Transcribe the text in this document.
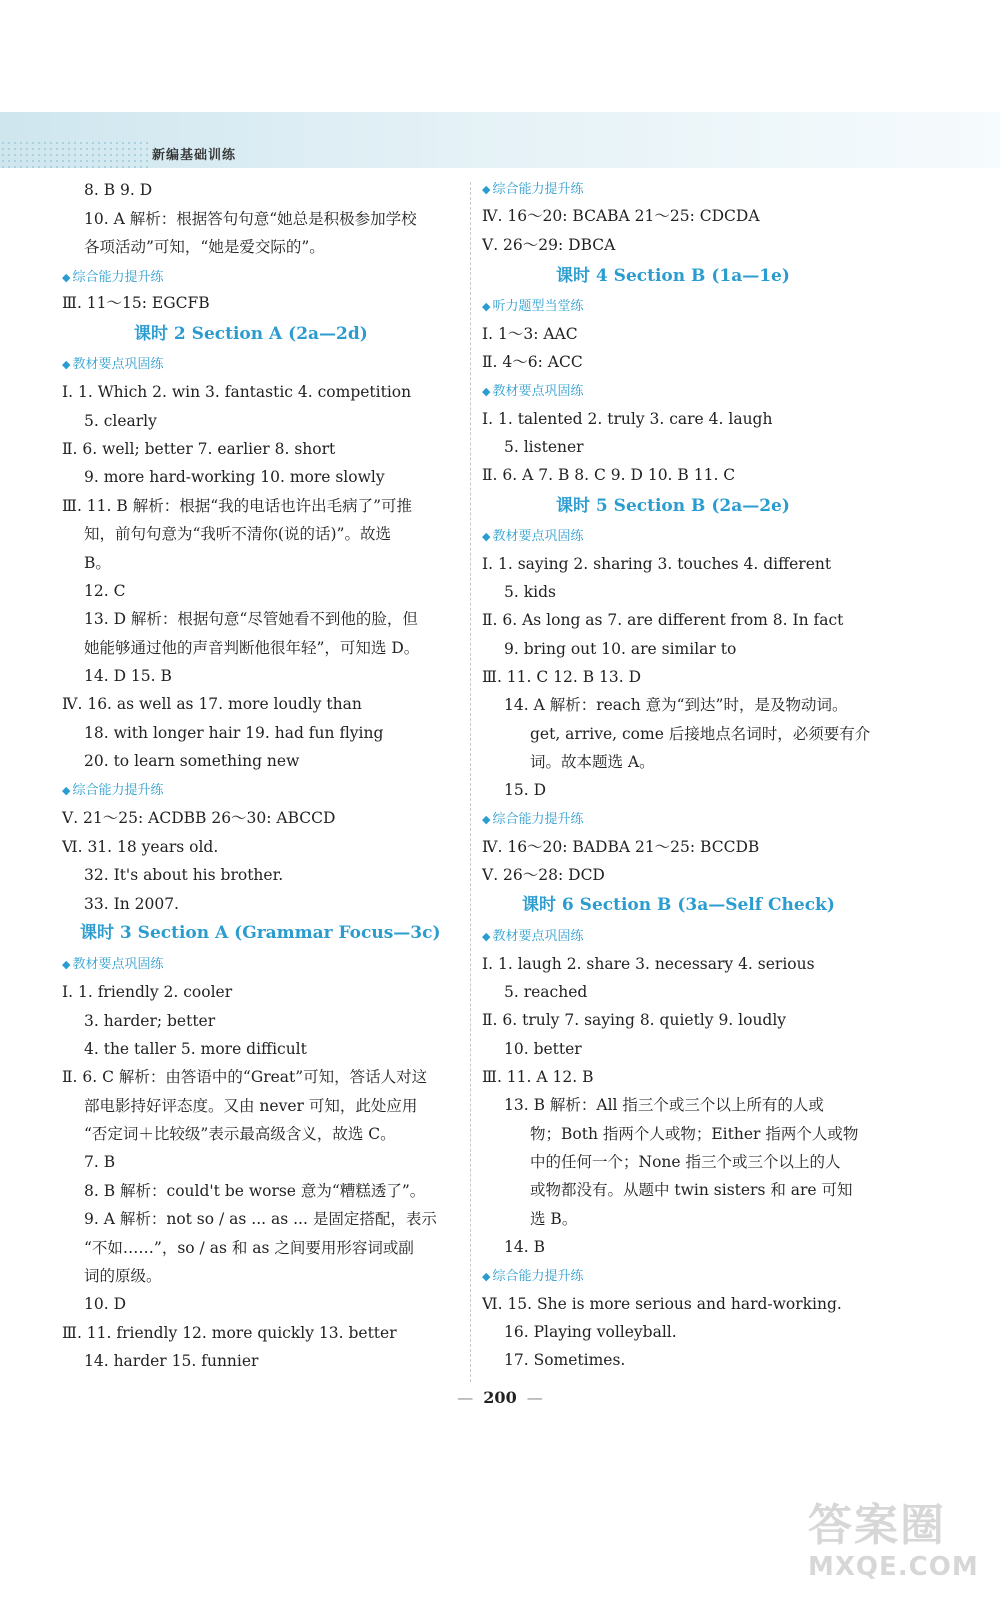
新编基础训练
8. B 9. D
10. A 解析：根据答句句意“她总是积极参加学校
各项活动”可知，“她是爱交际的”。
◆ 综合能力提升练
Ⅲ. 11～15: EGCFB
课时 2 Section A (2a—2d)
◆ 教材要点巩固练
Ⅰ. 1. Which 2. win 3. fantastic 4. competition
5. clearly
Ⅱ. 6. well; better 7. earlier 8. short
9. more hard-working 10. more slowly
Ⅲ. 11. B 解析：根据“我的电话也许出毛病了”可推
知，前句句意为“我听不清你(说的话)”。故选
B。
12. C
13. D 解析：根据句意“尽管她看不到他的脸，但
她能够通过他的声音判断他很年轻”，可知选 D。
14. D 15. B
Ⅳ. 16. as well as 17. more loudly than
18. with longer hair 19. had fun flying
20. to learn something new
◆ 综合能力提升练
Ⅴ. 21～25: ACDBB 26～30: ABCCD
Ⅵ. 31. 18 years old.
32. It's about his brother.
33. In 2007.
课时 3 Section A (Grammar Focus—3c)
◆ 教材要点巩固练
Ⅰ. 1. friendly 2. cooler
3. harder; better
4. the taller 5. more difficult
Ⅱ. 6. C 解析：由答语中的“Great”可知，答话人对这
部电影持好评态度。又由 never 可知，此处应用
“否定词＋比较级”表示最高级含义，故选 C。
7. B
8. B 解析：could't be worse 意为“糟糕透了”。
9. A 解析：not so / as ... as ... 是固定搭配，表示
“不如……”，so / as 和 as 之间要用形容词或副
词的原级。
10. D
Ⅲ. 11. friendly 12. more quickly 13. better
14. harder 15. funnier
◆ 综合能力提升练
Ⅳ. 16～20: BCABA 21～25: CDCDA
Ⅴ. 26～29: DBCA
课时 4 Section B (1a—1e)
◆ 听力题型当堂练
Ⅰ. 1～3: AAC
Ⅱ. 4～6: ACC
◆ 教材要点巩固练
Ⅰ. 1. talented 2. truly 3. care 4. laugh
5. listener
Ⅱ. 6. A 7. B 8. C 9. D 10. B 11. C
课时 5 Section B (2a—2e)
◆ 教材要点巩固练
Ⅰ. 1. saying 2. sharing 3. touches 4. different
5. kids
Ⅱ. 6. As long as 7. are different from 8. In fact
9. bring out 10. are similar to
Ⅲ. 11. C 12. B 13. D
14. A 解析：reach 意为“到达”时，是及物动词。
get, arrive, come 后接地点名词时，必须要有介
词。故本题选 A。
15. D
◆ 综合能力提升练
Ⅳ. 16～20: BADBA 21～25: BCCDB
Ⅴ. 26～28: DCD
课时 6 Section B (3a—Self Check)
◆ 教材要点巩固练
Ⅰ. 1. laugh 2. share 3. necessary 4. serious
5. reached
Ⅱ. 6. truly 7. saying 8. quietly 9. loudly
10. better
Ⅲ. 11. A 12. B
13. B 解析：All 指三个或三个以上所有的人或
物；Both 指两个人或物；Either 指两个人或物
中的任何一个；None 指三个或三个以上的人
或物都没有。从题中 twin sisters 和 are 可知
选 B。
14. B
◆ 综合能力提升练
Ⅵ. 15. She is more serious and hard-working.
16. Playing volleyball.
17. Sometimes.
— 200 —
答案圈
MXQE.COM
